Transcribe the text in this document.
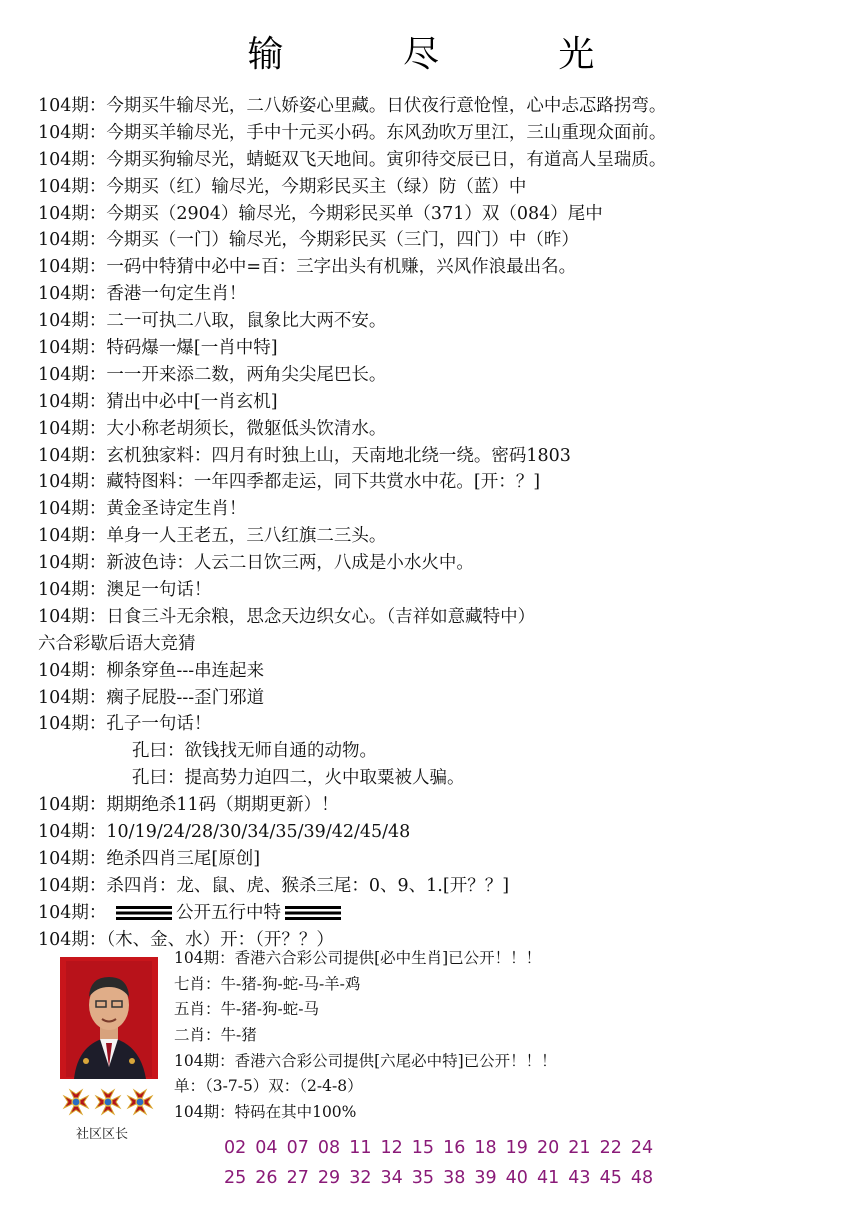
输 尽 光
104期：今期买牛输尽光，二八娇姿心里藏。日伏夜行意怆惶，心中忐忑路拐弯。
104期：今期买羊输尽光，手中十元买小码。东风劲吹万里江，三山重现众面前。
104期：今期买狗输尽光，蜻蜓双飞天地间。寅卯待交辰已日，有道高人呈瑞质。
104期：今期买（红）输尽光，今期彩民买主（绿）防（蓝）中
104期：今期买（2904）输尽光，今期彩民买单（371）双（084）尾中
104期：今期买（一门）输尽光，今期彩民买（三门，四门）中（昨）
104期：一码中特猜中必中=百：三字出头有机赚，兴风作浪最出名。
104期：香港一句定生肖！
104期：二一可执二八取，鼠象比大两不安。
104期：特码爆一爆[一肖中特]
104期：一一开来添二数，两角尖尖尾巴长。
104期：猜出中必中[一肖玄机]
104期：大小称老胡须长，微躯低头饮清水。
104期：玄机独家料：四月有时独上山，天南地北绕一绕。密码1803
104期：藏特图料：一年四季都走运，同下共赏水中花。[开：？]
104期：黄金圣诗定生肖！
104期：单身一人王老五，三八红旗二三头。
104期：新波色诗：人云二日饮三两，八成是小水火中。
104期：澳足一句话！
104期：日食三斗无余粮，思念天边织女心。（吉祥如意藏特中）
六合彩歇后语大竞猜
104期：柳条穿鱼---串连起来
104期：瘸子屁股---歪门邪道
104期：孔子一句话！
孔曰：欲钱找无师自通的动物。
孔曰：提高势力迫四二，火中取粟被人骗。
104期：期期绝杀11码（期期更新）！
104期：10/19/24/28/30/34/35/39/42/45/48
104期：绝杀四肖三尾[原创]
104期：杀四肖：龙、鼠、虎、猴杀三尾：0、9、1.[开？？]
104期：	公开五行中特
104期：（木、金、水）开：（开？？）
社区区长
104期：香港六合彩公司提供[必中生肖]已公开！！！
七肖：牛-猪-狗-蛇-马-羊-鸡
五肖：牛-猪-狗-蛇-马
二肖：牛-猪
104期：香港六合彩公司提供[六尾必中特]已公开！！！
单：（3-7-5）双：（2-4-8）
104期：特码在其中100%
02 04 07 08 11 12 15 16 18 19 20 21 22 24
25 26 27 29 32 34 35 38 39 40 41 43 45 48
